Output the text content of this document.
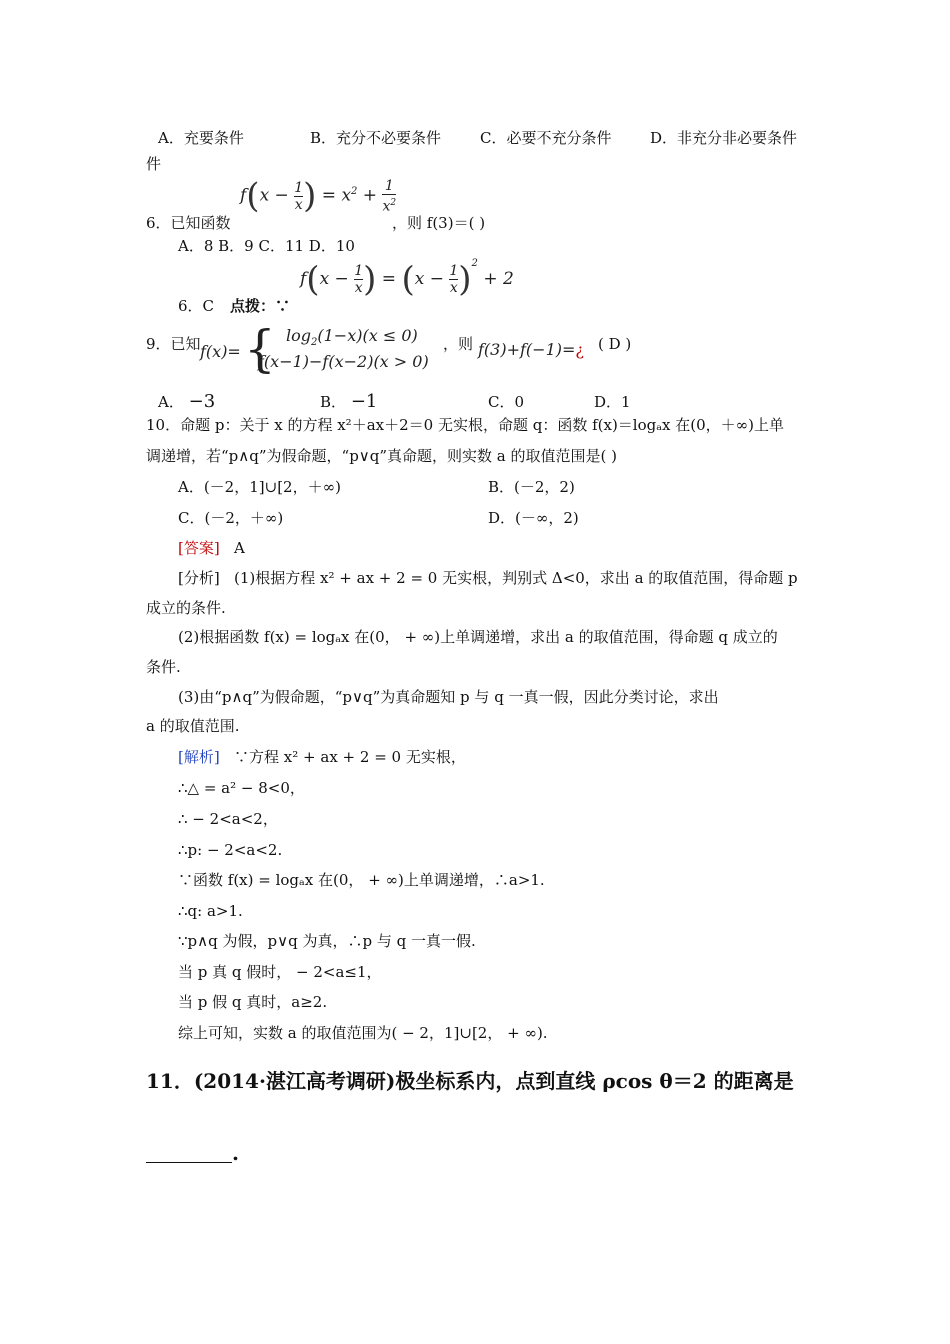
A．充要条件	B．充分不必要条件	C．必要不充分条件	D．非充分非必要条件
件
6．已知函数
$f(x - \frac{1}{x}$ ) = $x^2 + \frac{1}{x^2}$
，则 f(3)＝( )
A．8 B．9 C．11 D．10
6．C 点拨：∵
$f(x - \frac{1}{x}$ ) = $(x - \frac{1}{x} )^2 + 2$
9．已知 f(x)= { $\log_2(1-x)(x \le 0)$
f(x−1)−f(x−2)(x > 0)
，则 f(3)+f(−1)=¿ ( D )
A． −3	B． −1	C．0	D．1
10．命题 p：关于 x 的方程 x²＋ax＋2＝0 无实根，命题 q：函数 f(x)＝logₐx 在(0，＋∞)上单
调递增，若“p∧q”为假命题，“p∨q”真命题，则实数 a 的取值范围是( )
A．(－2，1]∪[2，＋∞)	B．(－2，2)
C．(－2，＋∞)	D．(－∞，2)
[答案] A
[分析] (1)根据方程 x² + ax + 2 = 0 无实根，判别式 Δ<0，求出 a 的取值范围，得命题 p
成立的条件.
(2)根据函数 f(x) = logₐx 在(0， + ∞)上单调递增，求出 a 的取值范围，得命题 q 成立的
条件.
(3)由“p∧q”为假命题，“p∨q”为真命题知 p 与 q 一真一假，因此分类讨论，求出
a 的取值范围.
[解析] ∵方程 x² + ax + 2 = 0 无实根，
∴△ = a² − 8<0，
∴ − 2<a<2，
∴p: − 2<a<2.
∵函数 f(x) = logₐx 在(0， + ∞)上单调递增，∴a>1.
∴q: a>1.
∵p∧q 为假，p∨q 为真，∴p 与 q 一真一假.
当 p 真 q 假时， − 2<a≤1，
当 p 假 q 真时，a≥2.
综上可知，实数 a 的取值范围为( − 2，1]∪[2， + ∞).
11．(2014·湛江高考调研)极坐标系内，点到直线 ρcos θ＝2 的距离是
.
